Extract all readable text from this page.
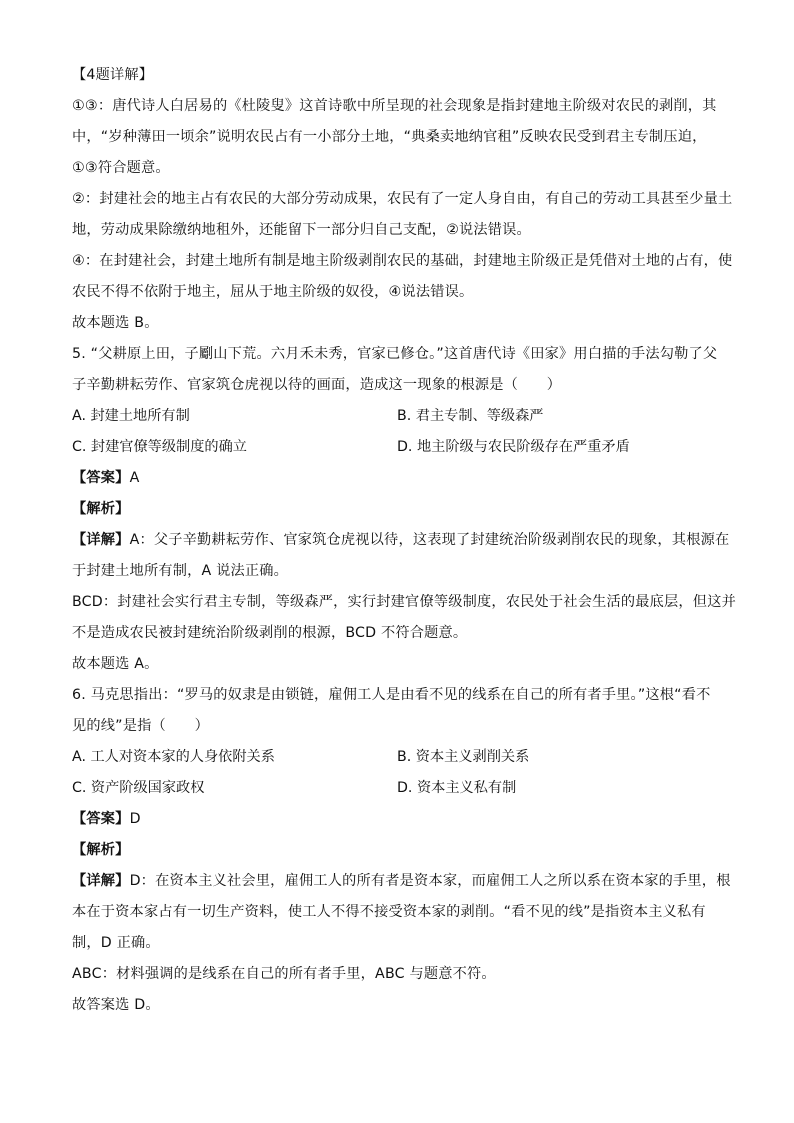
【4题详解】
①③：唐代诗人白居易的《杜陵叟》这首诗歌中所呈现的社会现象是指封建地主阶级对农民的剥削，其
中，“岁种薄田一顷余”说明农民占有一小部分土地，“典桑卖地纳官租”反映农民受到君主专制压迫，
①③符合题意。
②：封建社会的地主占有农民的大部分劳动成果，农民有了一定人身自由，有自己的劳动工具甚至少量土
地，劳动成果除缴纳地租外，还能留下一部分归自己支配，②说法错误。
④：在封建社会，封建土地所有制是地主阶级剥削农民的基础，封建地主阶级正是凭借对土地的占有，使
农民不得不依附于地主，屈从于地主阶级的奴役，④说法错误。
故本题选 B。
5. “父耕原上田，子劚山下荒。六月禾未秀，官家已修仓。”这首唐代诗《田家》用白描的手法勾勒了父
子辛勤耕耘劳作、官家筑仓虎视以待的画面，造成这一现象的根源是（　　）
A. 封建土地所有制	B. 君主专制、等级森严
C. 封建官僚等级制度的确立	D. 地主阶级与农民阶级存在严重矛盾
【答案】A
【解析】
【详解】A：父子辛勤耕耘劳作、官家筑仓虎视以待，这表现了封建统治阶级剥削农民的现象，其根源在
于封建土地所有制，A 说法正确。
BCD：封建社会实行君主专制，等级森严，实行封建官僚等级制度，农民处于社会生活的最底层，但这并
不是造成农民被封建统治阶级剥削的根源，BCD 不符合题意。
故本题选 A。
6. 马克思指出：“罗马的奴隶是由锁链，雇佣工人是由看不见的线系在自己的所有者手里。”这根“看不
见的线”是指（　　）
A. 工人对资本家的人身依附关系	B. 资本主义剥削关系
C. 资产阶级国家政权	D. 资本主义私有制
【答案】D
【解析】
【详解】D：在资本主义社会里，雇佣工人的所有者是资本家，而雇佣工人之所以系在资本家的手里，根
本在于资本家占有一切生产资料，使工人不得不接受资本家的剥削。“看不见的线”是指资本主义私有
制，D 正确。
ABC：材料强调的是线系在自己的所有者手里，ABC 与题意不符。
故答案选 D。
